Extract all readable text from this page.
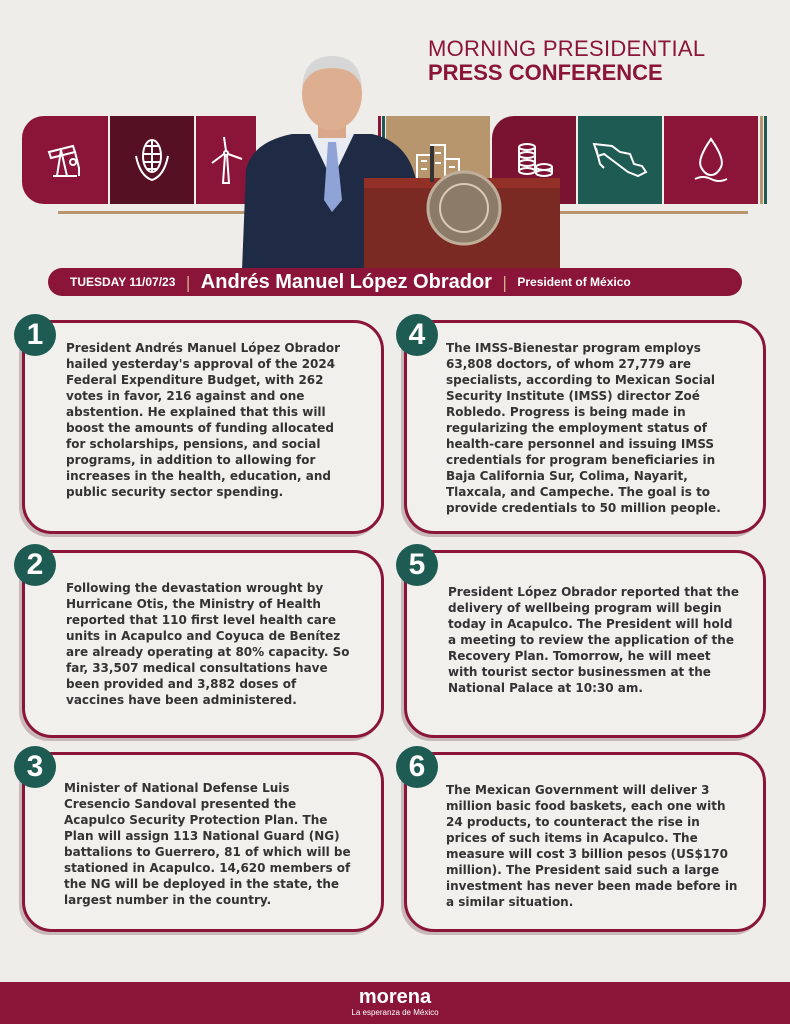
MORNING PRESIDENTIAL
PRESS CONFERENCE
TUESDAY 11/07/23 | Andrés Manuel López Obrador | President of México
1	President Andrés Manuel López Obrador hailed yesterday's approval of the 2024 Federal Expenditure Budget, with 262 votes in favor, 216 against and one abstention. He explained that this will boost the amounts of funding allocated for scholarships, pensions, and social programs, in addition to allowing for increases in the health, education, and public security sector spending.
4	The IMSS-Bienestar program employs 63,808 doctors, of whom 27,779 are specialists, according to Mexican Social Security Institute (IMSS) director Zoé Robledo. Progress is being made in regularizing the employment status of health-care personnel and issuing IMSS credentials for program beneficiaries in Baja California Sur, Colima, Nayarit, Tlaxcala, and Campeche. The goal is to provide credentials to 50 million people.
2
Following the devastation wrought by Hurricane Otis, the Ministry of Health reported that 110 first level health care units in Acapulco and Coyuca de Benítez are already operating at 80% capacity. So far, 33,507 medical consultations have been provided and 3,882 doses of vaccines have been administered.
5
President López Obrador reported that the delivery of wellbeing program will begin today in Acapulco. The President will hold a meeting to review the application of the Recovery Plan. Tomorrow, he will meet with tourist sector businessmen at the National Palace at 10:30 am.
3
Minister of National Defense Luis Cresencio Sandoval presented the Acapulco Security Protection Plan. The Plan will assign 113 National Guard (NG) battalions to Guerrero, 81 of which will be stationed in Acapulco. 14,620 members of the NG will be deployed in the state, the largest number in the country.
6
The Mexican Government will deliver 3 million basic food baskets, each one with 24 products, to counteract the rise in prices of such items in Acapulco. The measure will cost 3 billion pesos (US$170 million). The President said such a large investment has never been made before in a similar situation.
morena
La esperanza de México
